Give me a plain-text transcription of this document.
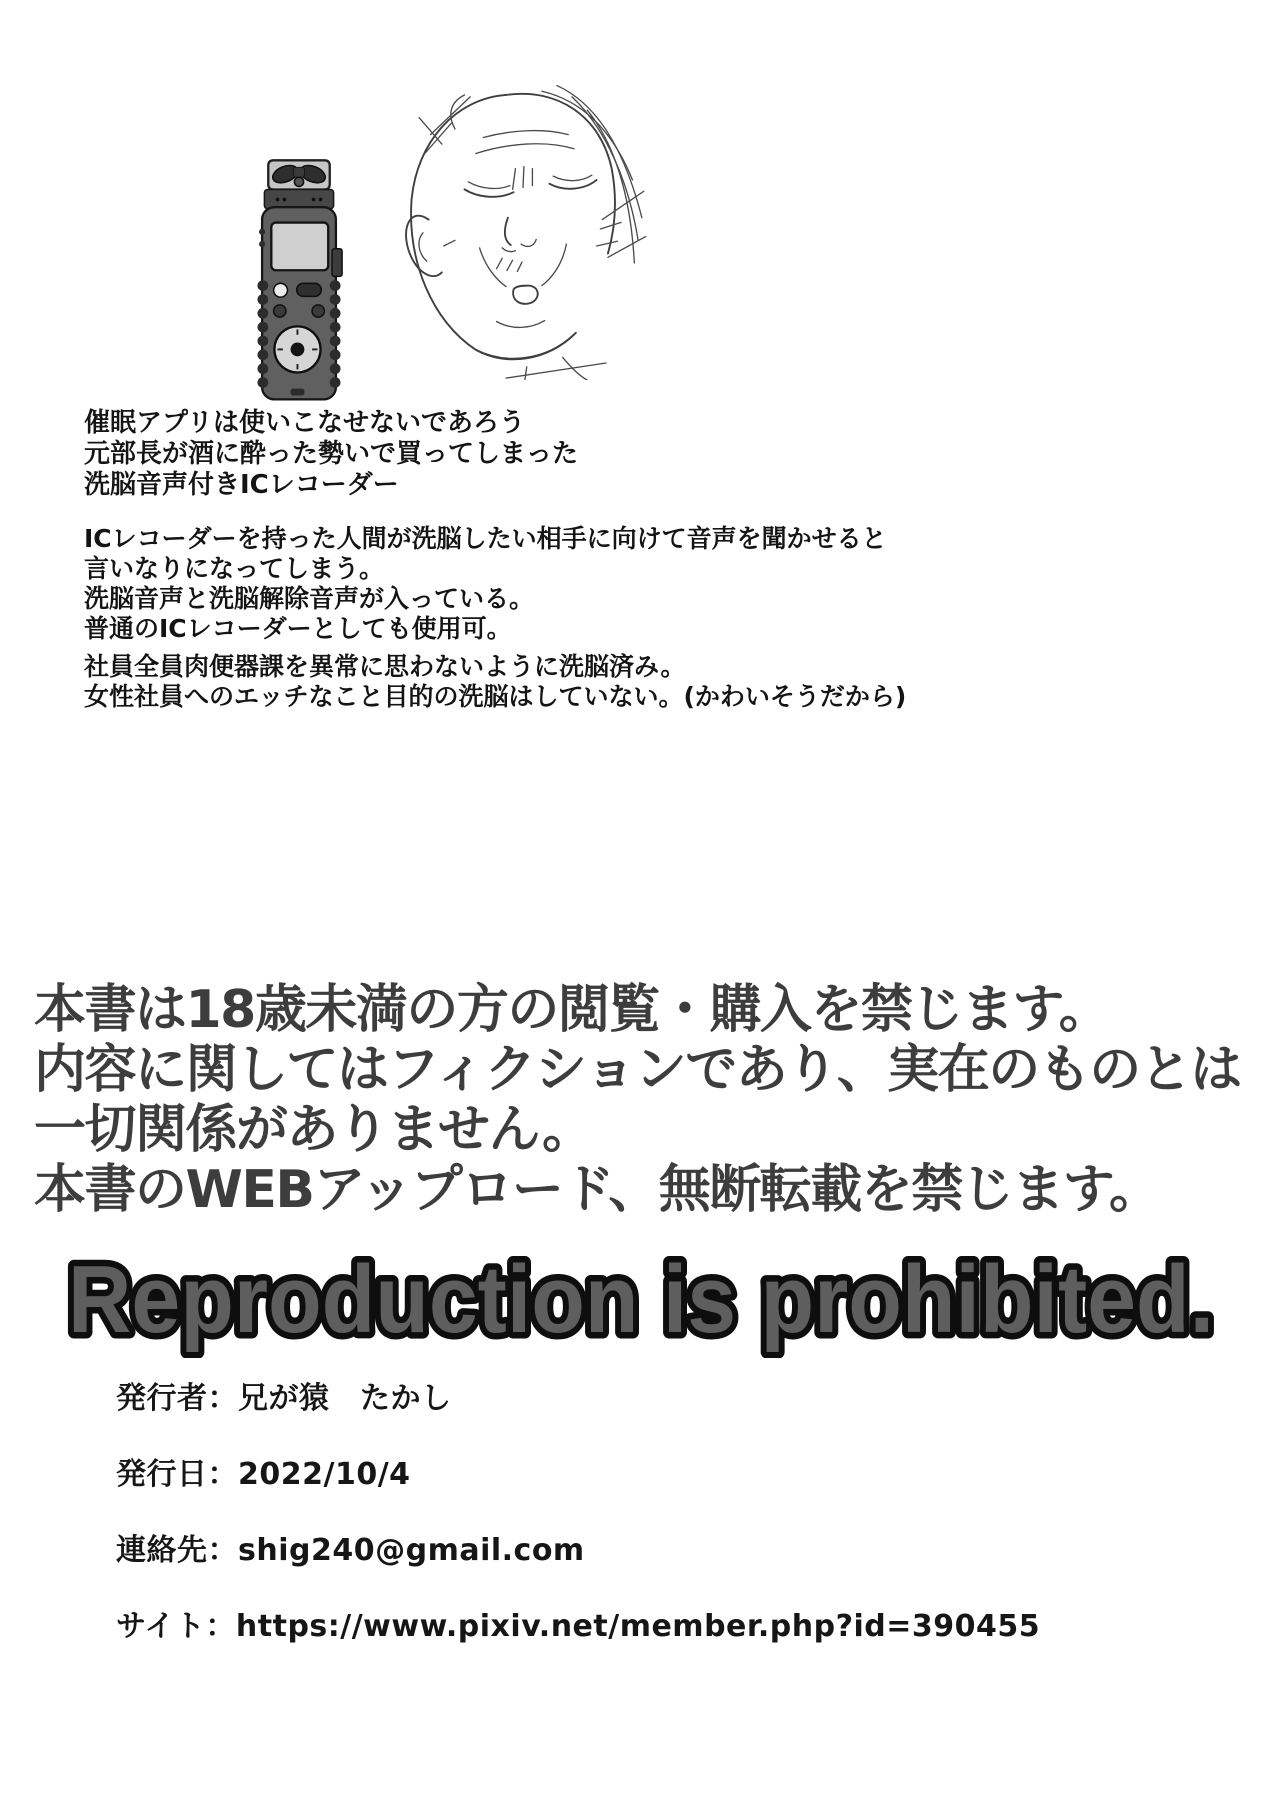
催眠アプリは使いこなせないであろう
元部長が酒に酔った勢いで買ってしまった
洗脳音声付きICレコーダー
ICレコーダーを持った人間が洗脳したい相手に向けて音声を聞かせると
言いなりになってしまう。
洗脳音声と洗脳解除音声が入っている。
普通のICレコーダーとしても使用可。
社員全員肉便器課を異常に思わないように洗脳済み。
女性社員へのエッチなこと目的の洗脳はしていない。(かわいそうだから)
本書は18歳未満の方の閲覧・購入を禁じます。
内容に関してはフィクションであり、実在のものとは
一切関係がありません。
本書のWEBアップロード、無断転載を禁じます。
Reproduction is prohibited.
発行者：兄が猿　たかし
発行日：2022/10/4
連絡先：shig240@gmail.com
サイト：https://www.pixiv.net/member.php?id=390455
